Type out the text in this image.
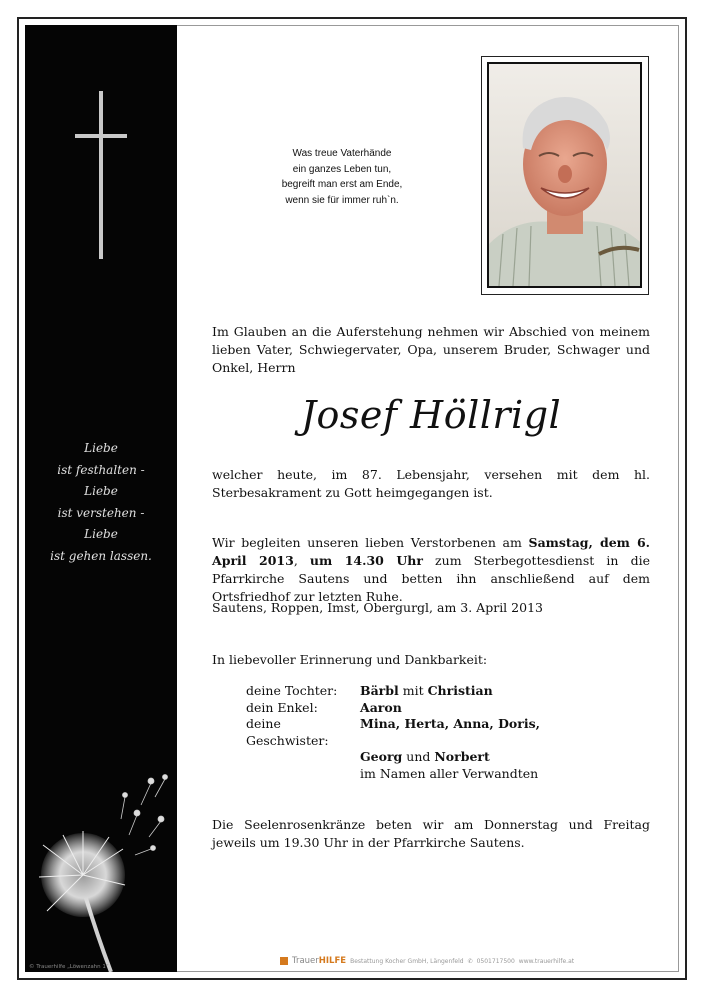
Liebe
ist festhalten -
Liebe
ist verstehen -
Liebe
ist gehen lassen.
© Trauerhilfe „Löwenzahn 1“
Was treue Vaterhände
ein ganzes Leben tun,
begreift man erst am Ende,
wenn sie für immer ruh`n.
Im Glauben an die Auferstehung nehmen wir Abschied von meinem lieben Vater, Schwiegervater, Opa, unserem Bruder, Schwager und Onkel, Herrn
Josef Höllrigl
welcher heute, im 87. Lebensjahr, versehen mit dem hl. Sterbesakrament zu Gott heimgegangen ist.
Wir begleiten unseren lieben Verstorbenen am Samstag, dem 6. April 2013, um 14.30 Uhr zum Sterbegottesdienst in die Pfarrkirche Sautens und betten ihn anschließend auf dem Ortsfriedhof zur letzten Ruhe.
Sautens, Roppen, Imst, Obergurgl, am 3. April 2013
In liebevoller Erinnerung und Dankbarkeit:
deine Tochter:	Bärbl mit Christian
dein Enkel:	Aaron
deine Geschwister:
Mina, Herta, Anna, Doris,
Georg und Norbert
im Namen aller Verwandten
Die Seelenrosenkränze beten wir am Donnerstag und Freitag jeweils um 19.30 Uhr in der Pfarrkirche Sautens.
TrauerHILFE Bestattung Kocher GmbH, Längenfeld ✆ 0501717500 www.trauerhilfe.at
